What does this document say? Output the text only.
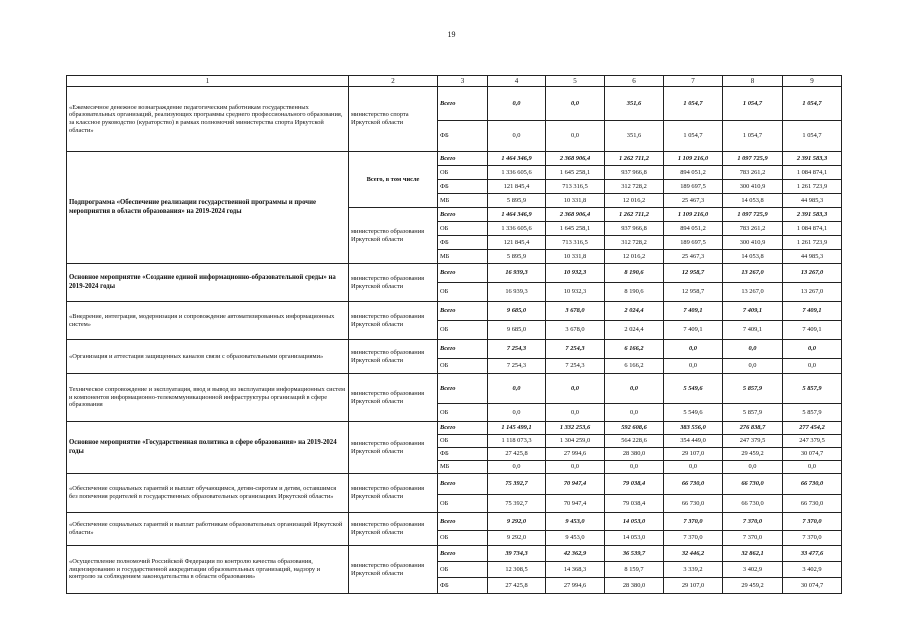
19
1	2	3	4	5	6	7	8	9
«Ежемесячное денежное вознаграждение педагогическим работникам государственных образовательных организаций, реализующих программы среднего профессионального образования, за классное руководство (кураторство) в рамках полномочий министерства спорта Иркутской области»	министерство спорта Иркутской области	Всего	0,0	0,0	351,6	1 054,7	1 054,7	1 054,7
		ФБ	0,0	0,0	351,6	1 054,7	1 054,7	1 054,7
Подпрограмма «Обеспечение реализации государственной программы и прочие мероприятия в области образования» на 2019-2024 годы	Всего, в том числе	Всего	1 464 346,9	2 368 906,4	1 262 711,2	1 109 216,0	1 097 725,9	2 391 583,3
		ОБ	1 336 605,6	1 645 258,1	937 966,8	894 051,2	783 261,2	1 084 874,1
		ФБ	121 845,4	713 316,5	312 728,2	189 697,5	300 410,9	1 261 723,9
		МБ	5 895,9	10 331,8	12 016,2	25 467,3	14 053,8	44 985,3
	министерство образования Иркутской области	Всего	1 464 346,9	2 368 906,4	1 262 711,2	1 109 216,0	1 097 725,9	2 391 583,3
		ОБ	1 336 605,6	1 645 258,1	937 966,8	894 051,2	783 261,2	1 084 874,1
		ФБ	121 845,4	713 316,5	312 728,2	189 697,5	300 410,9	1 261 723,9
		МБ	5 895,9	10 331,8	12 016,2	25 467,3	14 053,8	44 985,3
Основное мероприятие «Создание единой информационно-образовательной среды» на 2019-2024 годы	министерство образования Иркутской области	Всего	16 939,3	10 932,3	8 190,6	12 958,7	13 267,0	13 267,0
		ОБ	16 939,3	10 932,3	8 190,6	12 958,7	13 267,0	13 267,0
«Внедрение, интеграция, модернизация и сопровождение автоматизированных информационных систем»	министерство образования Иркутской области	Всего	9 685,0	3 678,0	2 024,4	7 409,1	7 409,1	7 409,1
		ОБ	9 685,0	3 678,0	2 024,4	7 409,1	7 409,1	7 409,1
«Организация и аттестация защищенных каналов связи с образовательными организациями»	министерство образования Иркутской области	Всего	7 254,3	7 254,3	6 166,2	0,0	0,0	0,0
		ОБ	7 254,3	7 254,3	6 166,2	0,0	0,0	0,0
Техническое сопровождение и эксплуатация, ввод и вывод из эксплуатации информационных систем и компонентов информационно-телекоммуникационной инфраструктуры организаций в сфере образования	министерство образования Иркутской области	Всего	0,0	0,0	0,0	5 549,6	5 857,9	5 857,9
		ОБ	0,0	0,0	0,0	5 549,6	5 857,9	5 857,9
Основное мероприятие «Государственная политика в сфере образования» на 2019-2024 годы	министерство образования Иркутской области	Всего	1 145 499,1	1 332 253,6	592 608,6	383 556,0	276 838,7	277 454,2
		ОБ	1 118 073,3	1 304 259,0	564 228,6	354 449,0	247 379,5	247 379,5
		ФБ	27 425,8	27 994,6	28 380,0	29 107,0	29 459,2	30 074,7
		МБ	0,0	0,0	0,0	0,0	0,0	0,0
«Обеспечение социальных гарантий и выплат обучающимся, детям-сиротам и детям, оставшимся без попечения родителей в государственных образовательных организациях Иркутской области»	министерство образования Иркутской области	Всего	75 392,7	70 947,4	79 038,4	66 730,0	66 730,0	66 730,0
		ОБ	75 392,7	70 947,4	79 038,4	66 730,0	66 730,0	66 730,0
«Обеспечение социальных гарантий и выплат работникам образовательных организаций Иркутской области»	министерство образования Иркутской области	Всего	9 292,0	9 453,0	14 053,0	7 370,0	7 370,0	7 370,0
		ОБ	9 292,0	9 453,0	14 053,0	7 370,0	7 370,0	7 370,0
«Осуществление полномочий Российской Федерации по контролю качества образования, лицензированию и государственной аккредитации образовательных организаций, надзору и контролю за соблюдением законодательства в области образования»	министерство образования Иркутской области	Всего	39 734,3	42 362,9	36 539,7	32 446,2	32 862,1	33 477,6
		ОБ	12 308,5	14 368,3	8 159,7	3 339,2	3 402,9	3 402,9
		ФБ	27 425,8	27 994,6	28 380,0	29 107,0	29 459,2	30 074,7
